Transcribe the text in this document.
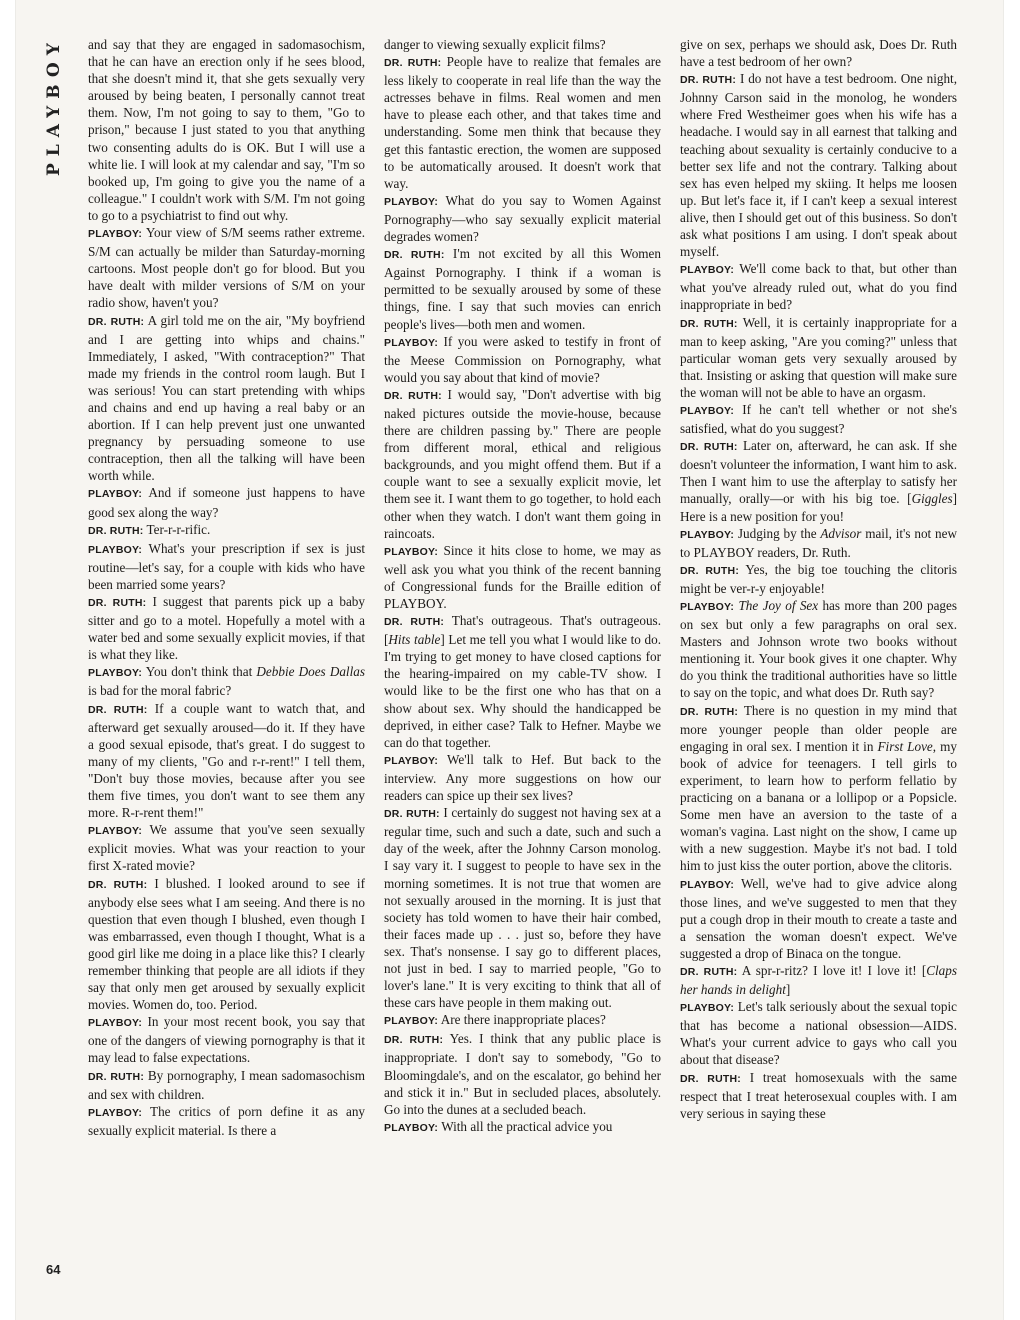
PLAYBOY
64

and say that they are engaged in sadomasochism, that he can have an erection only if he sees blood, that she doesn't mind it, that she gets sexually very aroused by being beaten, I personally cannot treat them. Now, I'm not going to say to them, "Go to prison," because I just stated to you that anything two consenting adults do is OK. But I will use a white lie. I will look at my calendar and say, "I'm so booked up, I'm going to give you the name of a colleague." I couldn't work with S/M. I'm not going to go to a psychiatrist to find out why.

PLAYBOY: Your view of S/M seems rather extreme. S/M can actually be milder than Saturday-morning cartoons. Most people don't go for blood. But you have dealt with milder versions of S/M on your radio show, haven't you?

DR. RUTH: A girl told me on the air, "My boyfriend and I are getting into whips and chains." Immediately, I asked, "With contraception?" That made my friends in the control room laugh. But I was serious! You can start pretending with whips and chains and end up having a real baby or an abortion. If I can help prevent just one unwanted pregnancy by persuading someone to use contraception, then all the talking will have been worth while.

PLAYBOY: And if someone just happens to have good sex along the way?

DR. RUTH: Ter-r-r-rific.

PLAYBOY: What's your prescription if sex is just routine—let's say, for a couple with kids who have been married some years?

DR. RUTH: I suggest that parents pick up a baby sitter and go to a motel. Hopefully a motel with a water bed and some sexually explicit movies, if that is what they like.

PLAYBOY: You don't think that Debbie Does Dallas is bad for the moral fabric?

DR. RUTH: If a couple want to watch that, and afterward get sexually aroused—do it. If they have a good sexual episode, that's great. I do suggest to many of my clients, "Go and r-r-rent!" I tell them, "Don't buy those movies, because after you see them five times, you don't want to see them any more. R-r-rent them!"

PLAYBOY: We assume that you've seen sexually explicit movies. What was your reaction to your first X-rated movie?

DR. RUTH: I blushed. I looked around to see if anybody else sees what I am seeing. And there is no question that even though I blushed, even though I was embarrassed, even though I thought, What is a good girl like me doing in a place like this? I clearly remember thinking that people are all idiots if they say that only men get aroused by sexually explicit movies. Women do, too. Period.

PLAYBOY: In your most recent book, you say that one of the dangers of viewing pornography is that it may lead to false expectations.

DR. RUTH: By pornography, I mean sadomasochism and sex with children.

PLAYBOY: The critics of porn define it as any sexually explicit material. Is there a

danger to viewing sexually explicit films?

DR. RUTH: People have to realize that females are less likely to cooperate in real life than the way the actresses behave in films. Real women and men have to please each other, and that takes time and understanding. Some men think that because they get this fantastic erection, the women are supposed to be automatically aroused. It doesn't work that way.

PLAYBOY: What do you say to Women Against Pornography—who say sexually explicit material degrades women?

DR. RUTH: I'm not excited by all this Women Against Pornography. I think if a woman is permitted to be sexually aroused by some of these things, fine. I say that such movies can enrich people's lives—both men and women.

PLAYBOY: If you were asked to testify in front of the Meese Commission on Pornography, what would you say about that kind of movie?

DR. RUTH: I would say, "Don't advertise with big naked pictures outside the movie-house, because there are children passing by." There are people from different moral, ethical and religious backgrounds, and you might offend them. But if a couple want to see a sexually explicit movie, let them see it. I want them to go together, to hold each other when they watch. I don't want them going in raincoats.

PLAYBOY: Since it hits close to home, we may as well ask you what you think of the recent banning of Congressional funds for the Braille edition of PLAYBOY.

DR. RUTH: That's outrageous. That's outrageous. [Hits table] Let me tell you what I would like to do. I'm trying to get money to have closed captions for the hearing-impaired on my cable-TV show. I would like to be the first one who has that on a show about sex. Why should the handicapped be deprived, in either case? Talk to Hefner. Maybe we can do that together.

PLAYBOY: We'll talk to Hef. But back to the interview. Any more suggestions on how our readers can spice up their sex lives?

DR. RUTH: I certainly do suggest not having sex at a regular time, such and such a date, such and such a day of the week, after the Johnny Carson monolog. I say vary it. I suggest to people to have sex in the morning sometimes. It is not true that women are not sexually aroused in the morning. It is just that society has told women to have their hair combed, their faces made up . . . just so, before they have sex. That's nonsense. I say go to different places, not just in bed. I say to married people, "Go to lover's lane." It is very exciting to think that all of these cars have people in them making out.

PLAYBOY: Are there inappropriate places?

DR. RUTH: Yes. I think that any public place is inappropriate. I don't say to somebody, "Go to Bloomingdale's, and on the escalator, go behind her and stick it in." But in secluded places, absolutely. Go into the dunes at a secluded beach.

PLAYBOY: With all the practical advice you

give on sex, perhaps we should ask, Does Dr. Ruth have a test bedroom of her own?

DR. RUTH: I do not have a test bedroom. One night, Johnny Carson said in the monolog, he wonders where Fred Westheimer goes when his wife has a headache. I would say in all earnest that talking and teaching about sexuality is certainly conducive to a better sex life and not the contrary. Talking about sex has even helped my skiing. It helps me loosen up. But let's face it, if I can't keep a sexual interest alive, then I should get out of this business. So don't ask what positions I am using. I don't speak about myself.

PLAYBOY: We'll come back to that, but other than what you've already ruled out, what do you find inappropriate in bed?

DR. RUTH: Well, it is certainly inappropriate for a man to keep asking, "Are you coming?" unless that particular woman gets very sexually aroused by that. Insisting or asking that question will make sure the woman will not be able to have an orgasm.

PLAYBOY: If he can't tell whether or not she's satisfied, what do you suggest?

DR. RUTH: Later on, afterward, he can ask. If she doesn't volunteer the information, I want him to ask. Then I want him to use the afterplay to satisfy her manually, orally—or with his big toe. [Giggles] Here is a new position for you!

PLAYBOY: Judging by the Advisor mail, it's not new to PLAYBOY readers, Dr. Ruth.

DR. RUTH: Yes, the big toe touching the clitoris might be ver-r-y enjoyable!

PLAYBOY: The Joy of Sex has more than 200 pages on sex but only a few paragraphs on oral sex. Masters and Johnson wrote two books without mentioning it. Your book gives it one chapter. Why do you think the traditional authorities have so little to say on the topic, and what does Dr. Ruth say?

DR. RUTH: There is no question in my mind that more younger people than older people are engaging in oral sex. I mention it in First Love, my book of advice for teenagers. I tell girls to experiment, to learn how to perform fellatio by practicing on a banana or a lollipop or a Popsicle. Some men have an aversion to the taste of a woman's vagina. Last night on the show, I came up with a new suggestion. Maybe it's not bad. I told him to just kiss the outer portion, above the clitoris.

PLAYBOY: Well, we've had to give advice along those lines, and we've suggested to men that they put a cough drop in their mouth to create a taste and a sensation the woman doesn't expect. We've suggested a drop of Binaca on the tongue.

DR. RUTH: A spr-r-ritz? I love it! I love it! [Claps her hands in delight]

PLAYBOY: Let's talk seriously about the sexual topic that has become a national obsession—AIDS. What's your current advice to gays who call you about that disease?

DR. RUTH: I treat homosexuals with the same respect that I treat heterosexual couples with. I am very serious in saying these
